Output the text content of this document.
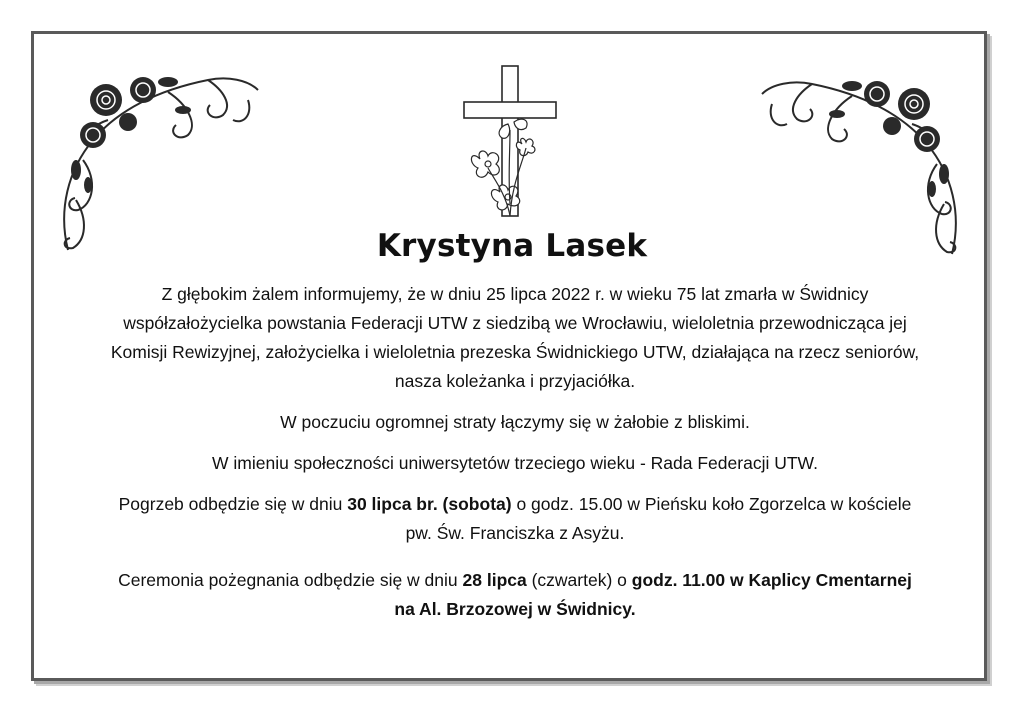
Krystyna Lasek
Z głębokim żalem informujemy, że w dniu 25 lipca 2022 r. w wieku 75 lat zmarła w Świdnicy współzałożycielka powstania Federacji UTW z siedzibą we Wrocławiu, wieloletnia przewodnicząca jej Komisji Rewizyjnej, założycielka i wieloletnia prezeska Świdnickiego UTW, działająca na rzecz seniorów, nasza koleżanka i przyjaciółka.
W poczuciu ogromnej straty łączymy się w żałobie z bliskimi.
W imieniu społeczności uniwersytetów trzeciego wieku - Rada Federacji UTW.
Pogrzeb odbędzie się w dniu 30 lipca br. (sobota) o godz. 15.00 w Pieńsku koło Zgorzelca w kościele pw. Św. Franciszka z Asyżu.
Ceremonia pożegnania odbędzie się w dniu 28 lipca (czwartek) o godz. 11.00 w Kaplicy Cmentarnej na Al. Brzozowej w Świdnicy.
